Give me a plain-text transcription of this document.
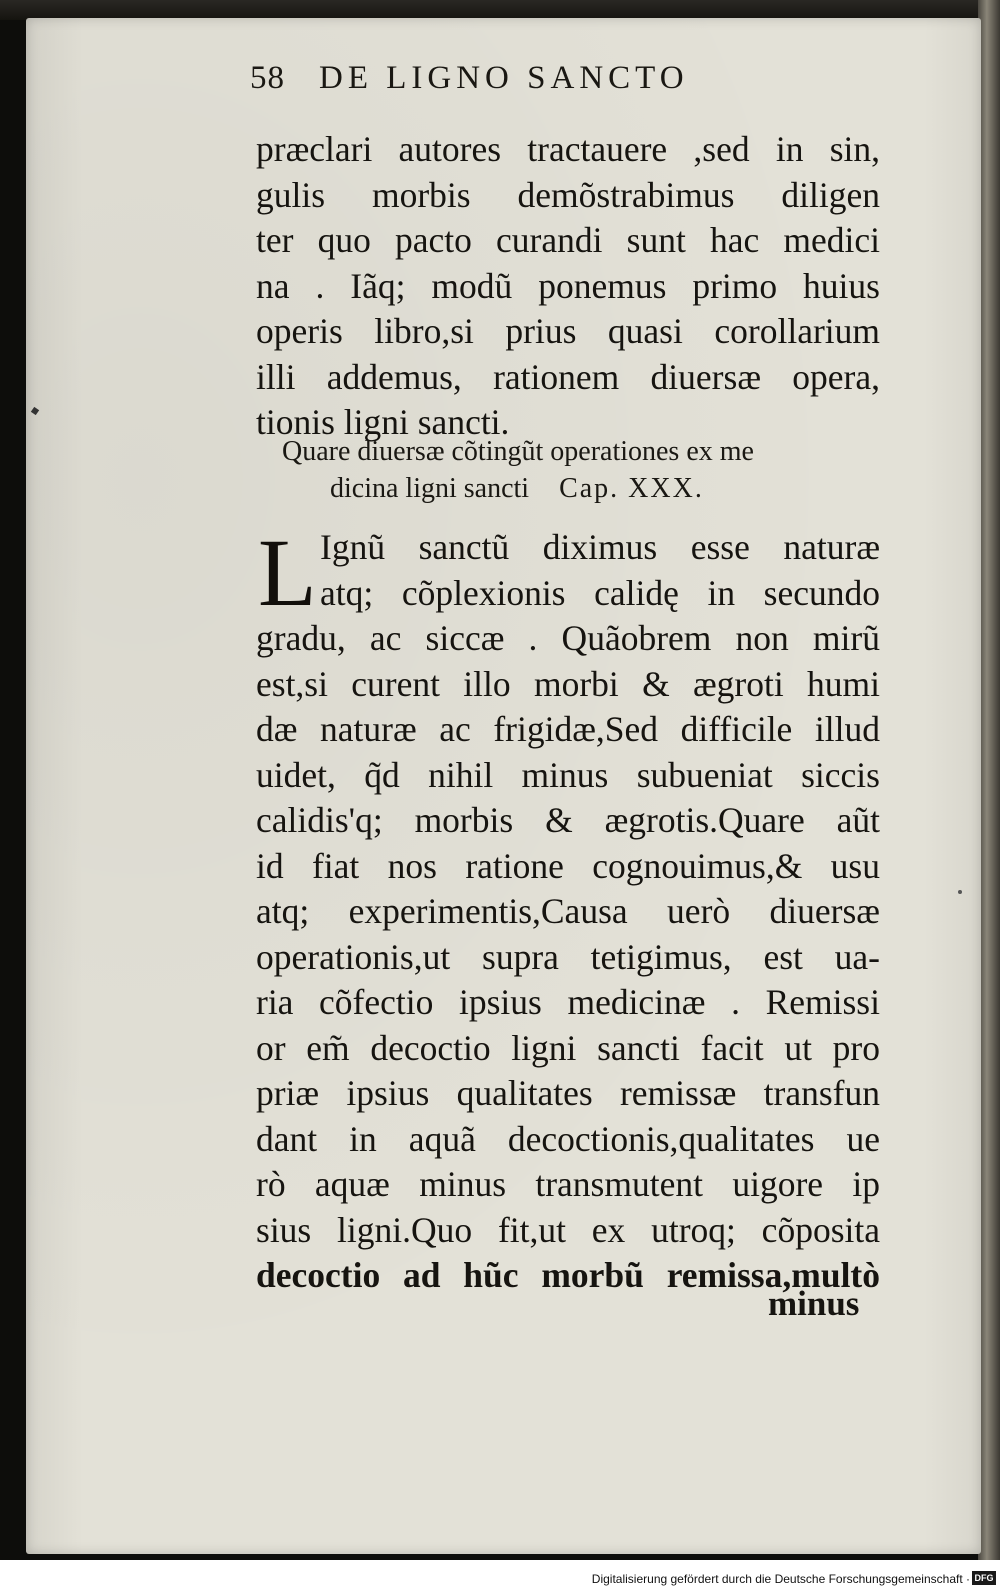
58 DE LIGNO SANCTO
præclari autores tractauere ,sed in sin,
gulis morbis demõstrabimus diligen
ter quo pacto curandi sunt hac medici
na . Iãq; modũ ponemus primo huius
operis libro,si prius quasi corollarium
illi addemus, rationem diuersæ opera,
tionis ligni sancti.
Quare diuersæ cõtingũt operationes ex me
dicina ligni sancti Cap. XXX.
L Ignũ sanctũ diximus esse naturæ
atq; cõplexionis calidę in secundo
gradu, ac siccæ . Quãobrem non mirũ
est,si curent illo morbi & ægroti humi
dæ naturæ ac frigidæ,Sed difficile illud
uidet, q̃d nihil minus subueniat siccis
calidis'q; morbis & ægrotis.Quare aũt
id fiat nos ratione cognouimus,& usu
atq; experimentis,Causa uerò diuersæ
operationis,ut supra tetigimus, est ua-
ria cõfectio ipsius medicinæ . Remissi
or em̃ decoctio ligni sancti facit ut pro
priæ ipsius qualitates remissæ transfun
dant in aquã decoctionis,qualitates ue
rò aquæ minus transmutent uigore ip
sius ligni.Quo fit,ut ex utroq; cõposita
decoctio ad hũc morbũ remissa,multò
minus
Digitalisierung gefördert durch die Deutsche Forschungsgemeinschaft · DFG
